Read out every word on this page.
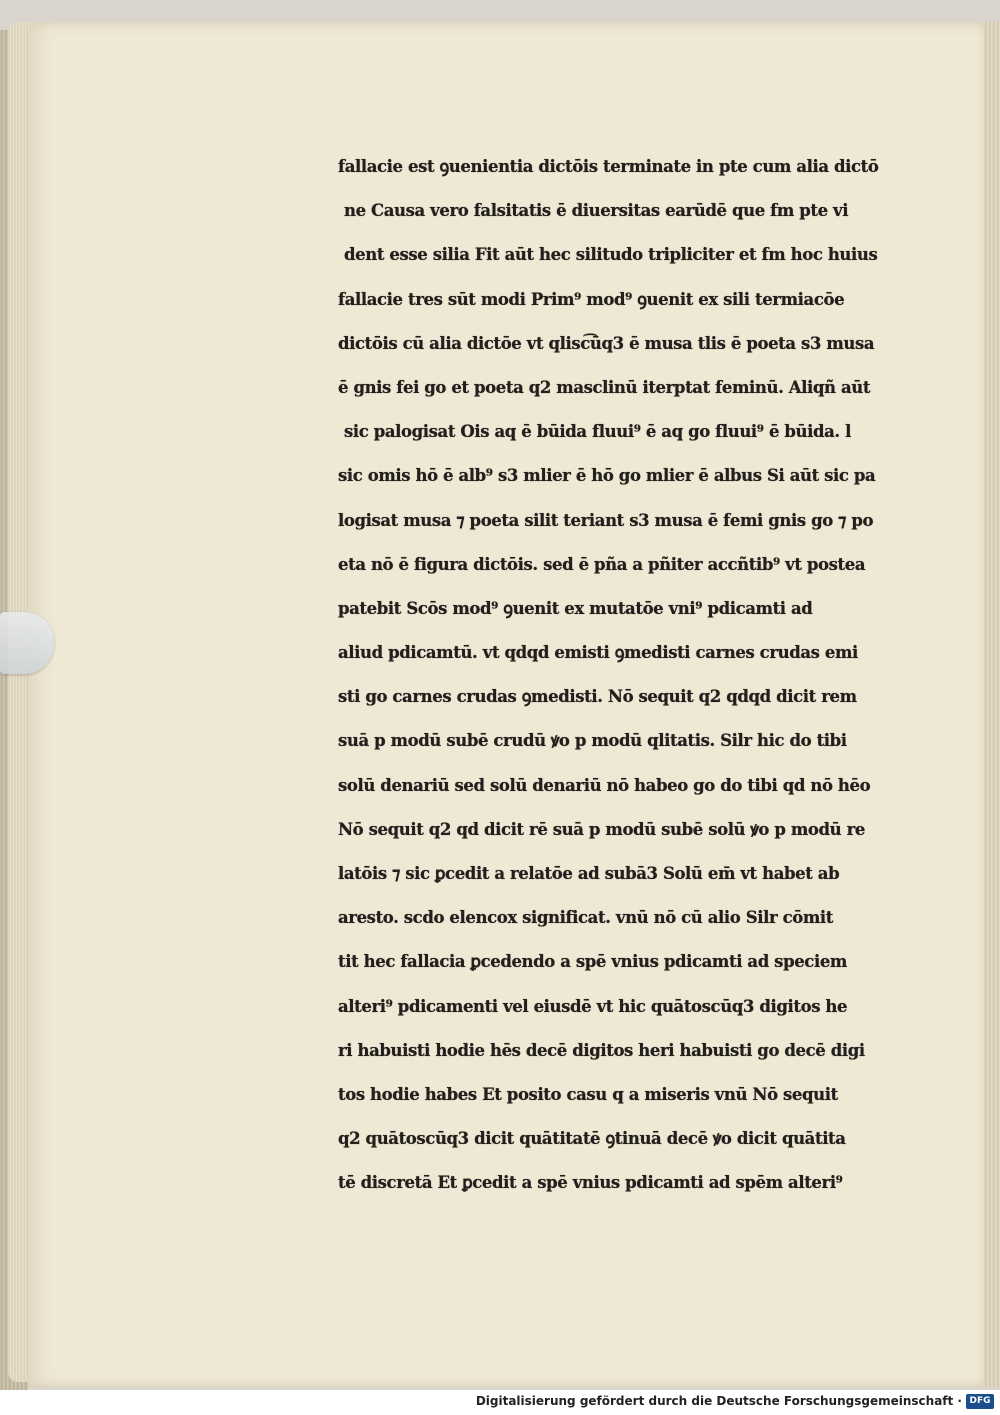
fallacie est ꝯuenientia dictōis terminate in pte cum alia dictō
ne Causa vero falsitatis ē diuersitas earūdē que fm pte vi
dent esse silia Fit aūt hec silitudo tripliciter et fm hoc huius
fallacie tres sūt modi Prim⁹ mod⁹ ꝯuenit ex sili termiacōe
dictōis cū alia dictōe vt qlisc͡ūq3 ē musa tlis ē poeta s3 musa
ē gnis fei go et poeta q2 masclinū iterptat feminū. Aliqñ aūt
sic palogisat Ois aq ē būida fluui⁹ ē aq go fluui⁹ ē būida. l
sic omis hō ē alb⁹ s3 mlier ē hō go mlier ē albus Si aūt sic pa
logisat musa ⁊ poeta silit teriant s3 musa ē femi gnis go ⁊ po
eta nō ē figura dictōis. sed ē pña a pñiter accñtib⁹ vt postea
patebit Scōs mod⁹ ꝯuenit ex mutatōe vni⁹ pdicamti ad
aliud pdicamtū. vt qdqd emisti ꝯmedisti carnes crudas emi
sti go carnes crudas ꝯmedisti. Nō sequit q2 qdqd dicit rem
suā p modū subē crudū ꝟo p modū qlitatis. Silr hic do tibi
solū denariū sed solū denariū nō habeo go do tibi qd nō hēo
Nō sequit q2 qd dicit rē suā p modū subē solū ꝟo p modū re
latōis ⁊ sic ꝑcedit a relatōe ad subā3 Solū em̄ vt habet ab
aresto. scdo elencox significat. vnū nō cū alio Silr cōmit
tit hec fallacia ꝑcedendo a spē vnius pdicamti ad speciem
alteri⁹ pdicamenti vel eiusdē vt hic quātoscūq3 digitos he
ri habuisti hodie hēs decē digitos heri habuisti go decē digi
tos hodie habes Et posito casu q a miseris vnū Nō sequit
q2 quātoscūq3 dicit quātitatē ꝯtinuā decē ꝟo dicit quātita
tē discretā Et ꝑcedit a spē vnius pdicamti ad spēm alteri⁹
Digitalisierung gefördert durch die Deutsche Forschungsgemeinschaft · DFG
